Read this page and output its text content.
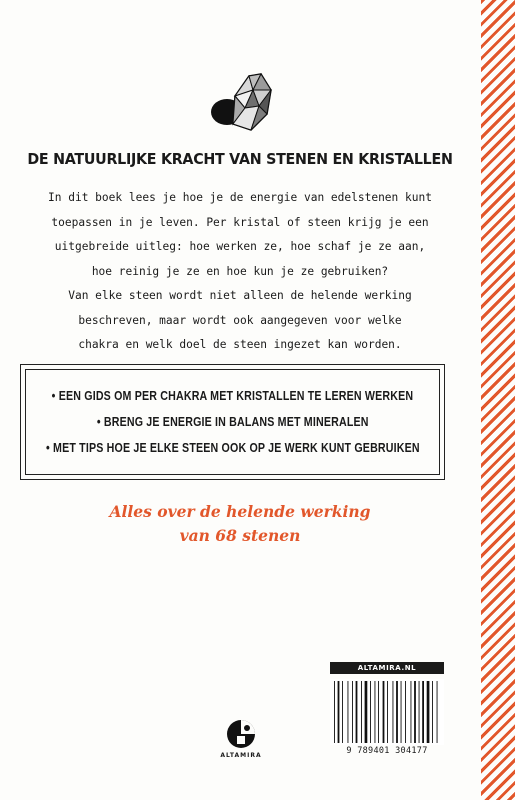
DE NATUURLIJKE KRACHT VAN STENEN EN KRISTALLEN
In dit boek lees je hoe je de energie van edelstenen kunt
toepassen in je leven. Per kristal of steen krijg je een
uitgebreide uitleg: hoe werken ze, hoe schaf je ze aan,
hoe reinig je ze en hoe kun je ze gebruiken?
Van elke steen wordt niet alleen de helende werking
beschreven, maar wordt ook aangegeven voor welke
chakra en welk doel de steen ingezet kan worden.
• EEN GIDS OM PER CHAKRA MET KRISTALLEN TE LEREN WERKEN
• BRENG JE ENERGIE IN BALANS MET MINERALEN
• MET TIPS HOE JE ELKE STEEN OOK OP JE WERK KUNT GEBRUIKEN
Alles over de helende werking
van 68 stenen
ALTAMIRA
ALTAMIRA.NL
9 789401 304177
